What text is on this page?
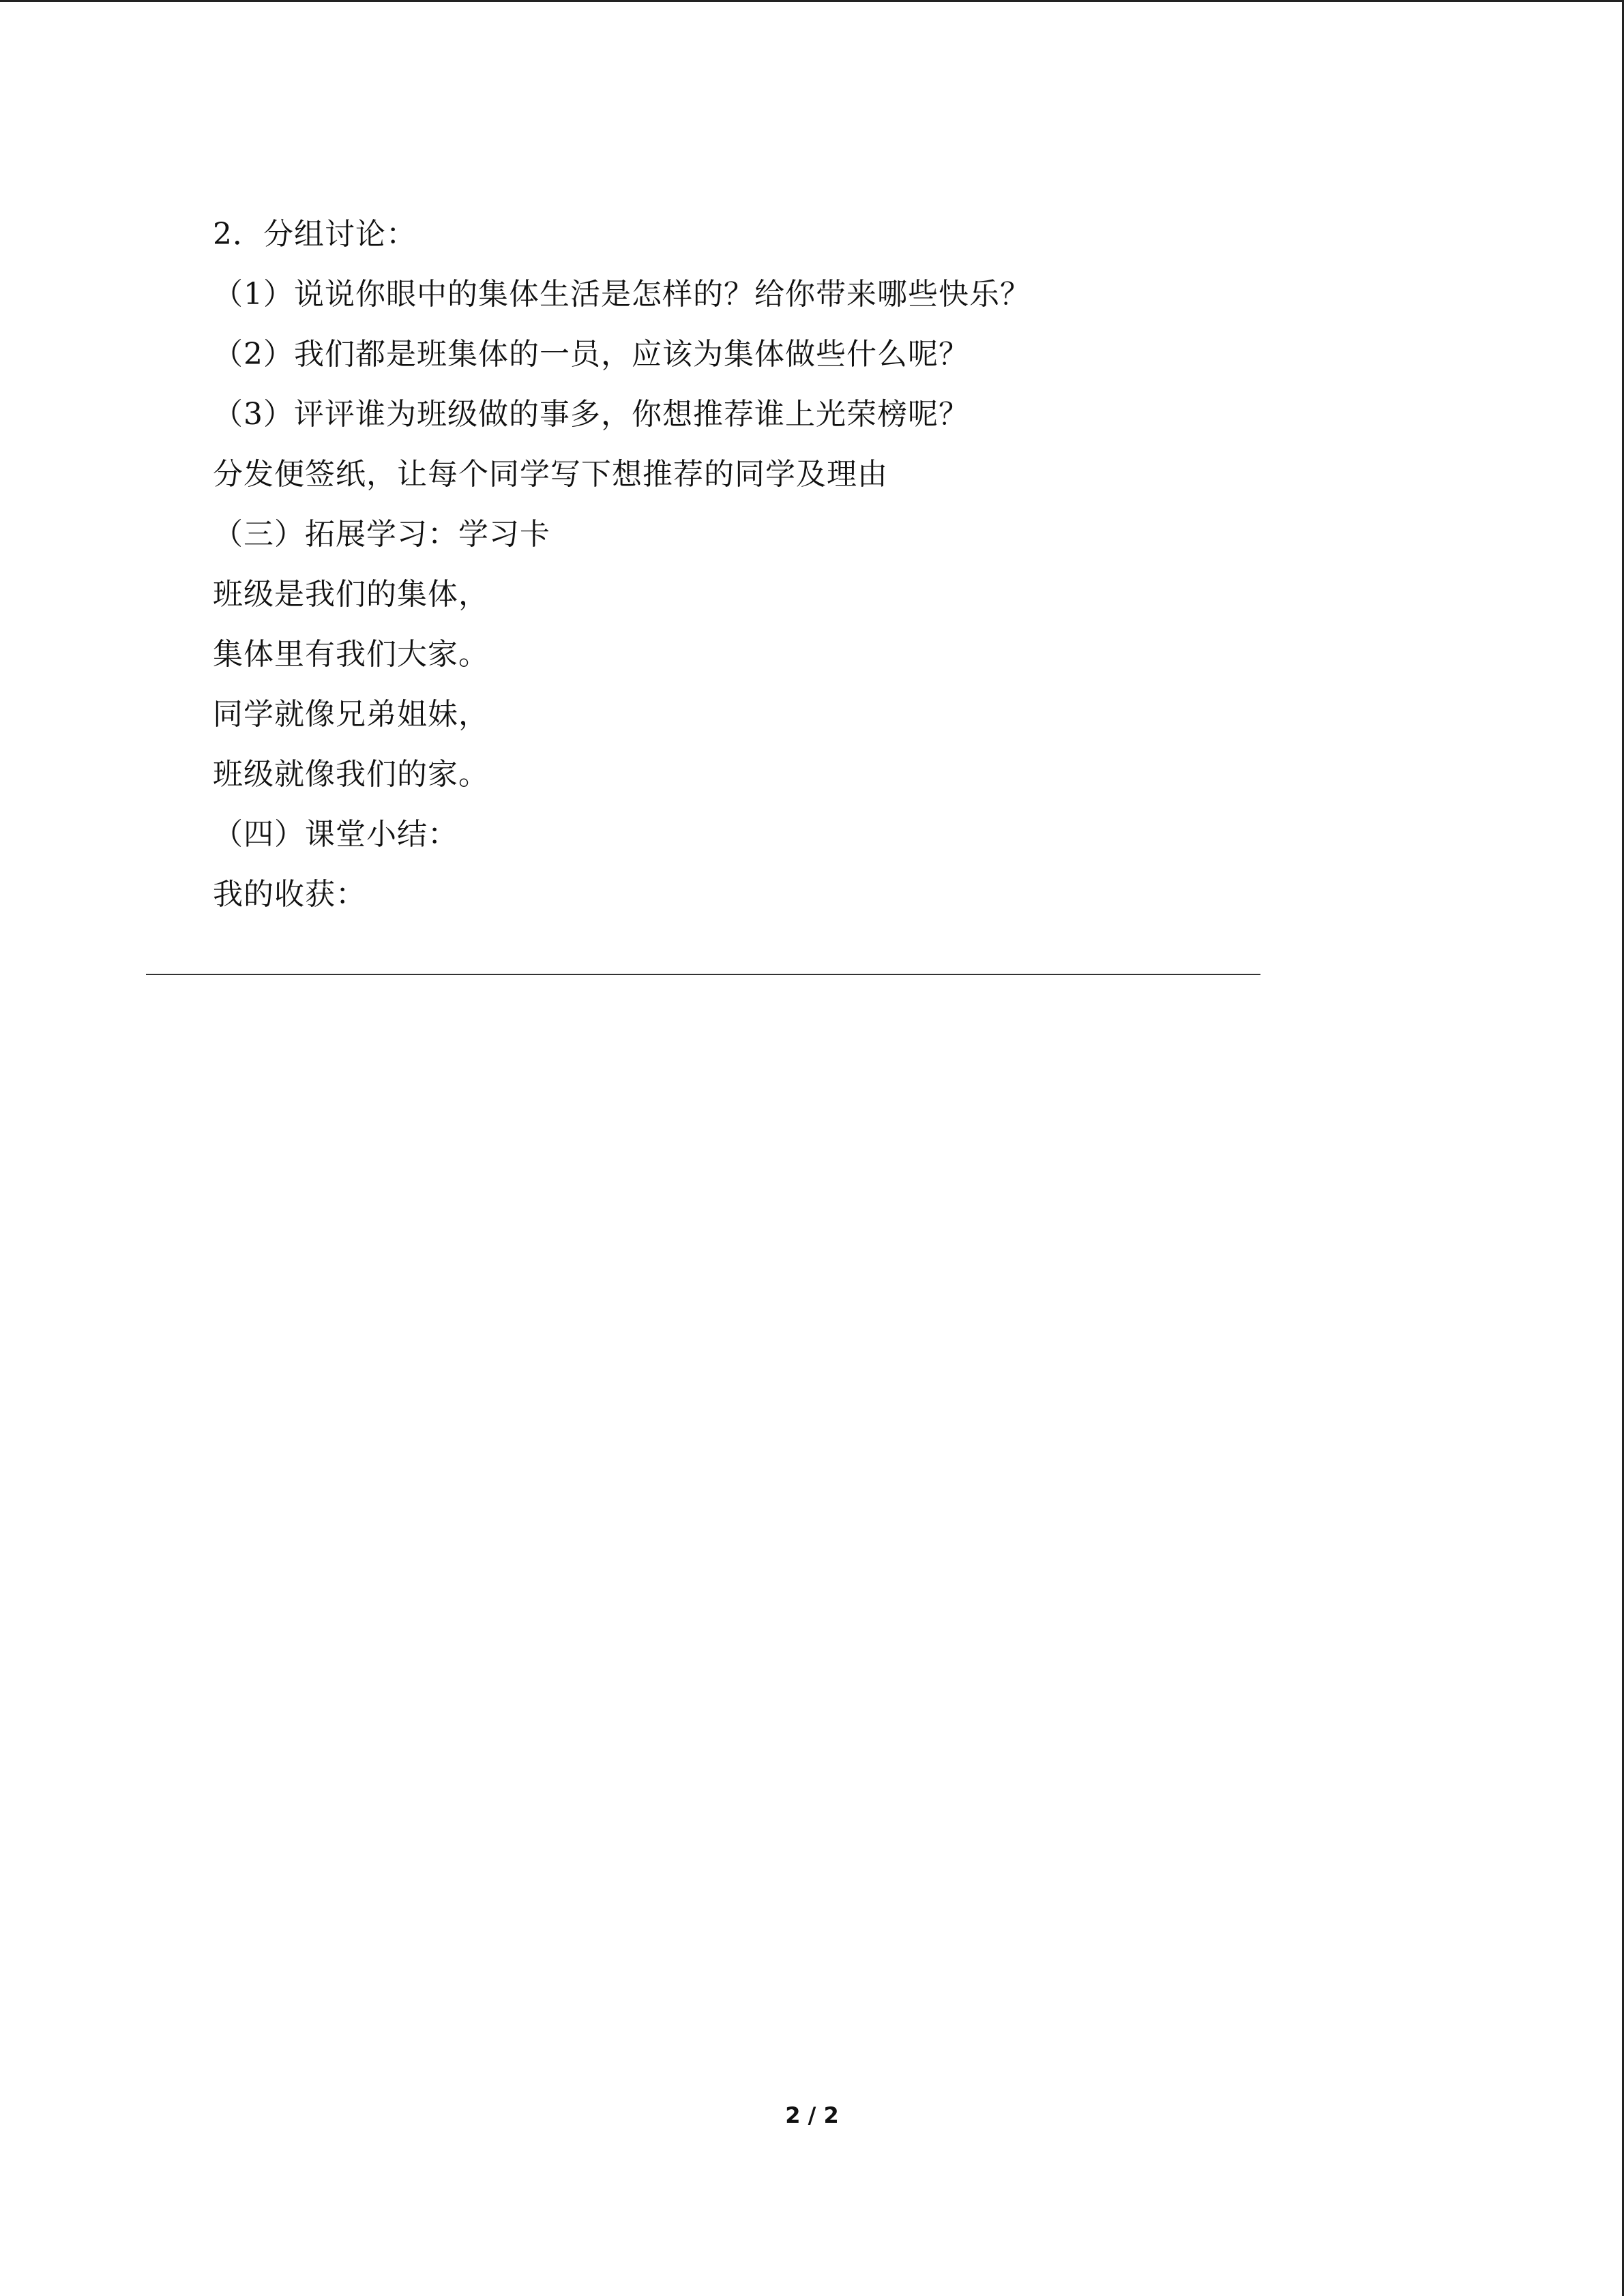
2．分组讨论：
（1）说说你眼中的集体生活是怎样的？给你带来哪些快乐？
（2）我们都是班集体的一员，应该为集体做些什么呢？
（3）评评谁为班级做的事多，你想推荐谁上光荣榜呢？
分发便签纸，让每个同学写下想推荐的同学及理由
（三）拓展学习：学习卡
班级是我们的集体，
集体里有我们大家。
同学就像兄弟姐妹，
班级就像我们的家。
（四）课堂小结：
我的收获：
2 / 2
